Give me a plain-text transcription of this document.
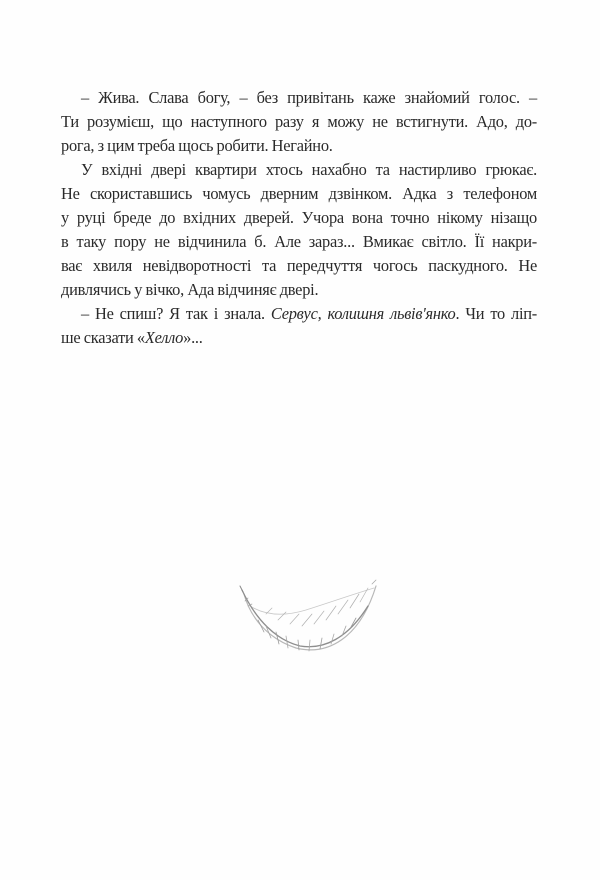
– Жива. Слава богу, – без привітань каже знайомий голос. –
Ти розумієш, що наступного разу я можу не встигнути. Адо, до-
рога, з цим треба щось робити. Негайно.
У вхідні двері квартири хтось нахабно та настирливо грюкає.
Не скориставшись чомусь дверним дзвінком. Адка з телефоном
у руці бреде до вхідних дверей. Учора вона точно нікому нізащо
в таку пору не відчинила б. Але зараз... Вмикає світло. Її накри-
ває хвиля невідворотності та передчуття чогось паскудного. Не
дивлячись у вічко, Ада відчиняє двері.
– Не спиш? Я так і знала. Сервус, колишня львів'янко. Чи то ліп-
ше сказати «Хелло»...
